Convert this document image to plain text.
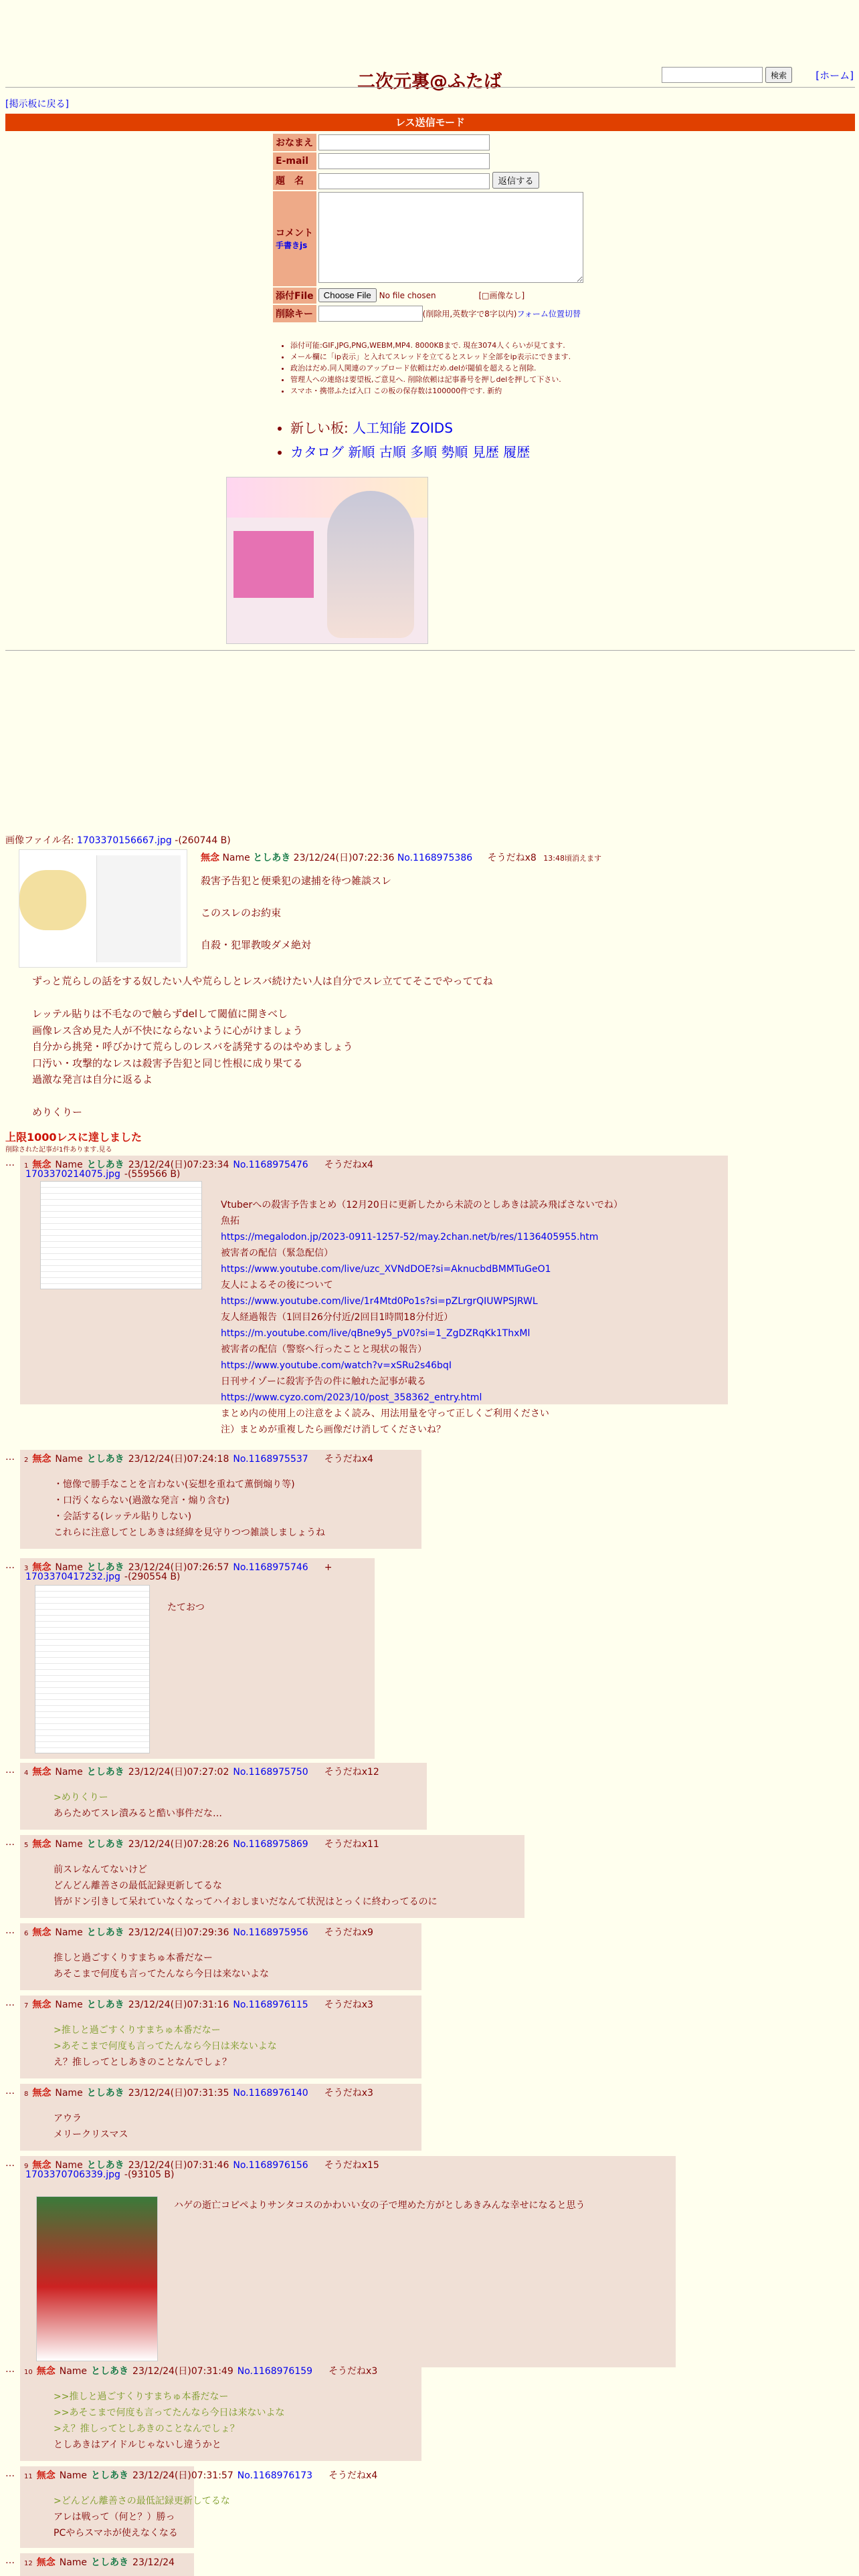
二次元裏@ふたば	検索	[ホーム]
[掲示板に戻る]
レス送信モード
おなまえ	
E-mail	
題　名	返信する
コメント
手書きjs	
添付File	Choose File No file chosen [□画像なし]
削除キー	(削除用,英数字で8字以内)フォーム位置切替
• 添付可能:GIF,JPG,PNG,WEBM,MP4. 8000KBまで. 現在3074人くらいが見てます.
• メール欄に「ip表示」と入れてスレッドを立てるとスレッド全部をip表示にできます.
• 政治はだめ.同人関連のアップロード依頼はだめ.delが閾値を超えると削除.
• 管理人への連絡は要望板,ご意見へ. 削除依頼は記事番号を押しdelを押して下さい.
• スマホ・携帯ふたば入口 この板の保存数は100000件です. 新約
• 新しい板: 人工知能 ZOIDS
• カタログ 新順 古順 多順 勢順 見歴 履歴
画像ファイル名: 1703370156667.jpg -(260744 B)
無念 Name としあき 23/12/24(日)07:22:36 No.1168975386 そうだねx8 13:48頃消えます
殺害予告犯と便乗犯の逮捕を待つ雑談スレ

このスレのお約束

自殺・犯罪教唆ダメ絶対
ずっと荒らしの話をする奴したい人や荒らしとレスバ続けたい人は自分でスレ立ててそこでやっててね

レッテル貼りは不毛なので触らずdelして閾値に開きべし
画像レス含め見た人が不快にならないように心がけましょう
自分から挑発・呼びかけて荒らしのレスバを誘発するのはやめましょう
口汚い・攻撃的なレスは殺害予告犯と同じ性根に成り果てる
過激な発言は自分に返るよ

めりくりー
上限1000レスに達しました
削除された記事が1件あります.見る
… 1 無念 Name としあき 23/12/24(日)07:23:34 No.1168975476 そうだねx4
1703370214075.jpg -(559566 B)
Vtuberへの殺害予告まとめ（12月20日に更新したから未読のとしあきは読み飛ばさないでね）
魚拓
https://megalodon.jp/2023-0911-1257-52/may.2chan.net/b/res/1136405955.htm
被害者の配信（緊急配信）
https://www.youtube.com/live/uzc_XVNdDOE?si=AknucbdBMMTuGeO1
友人によるその後について
https://www.youtube.com/live/1r4Mtd0Po1s?si=pZLrgrQIUWPSJRWL
友人経過報告（1回目26分付近/2回目1時間18分付近）
https://m.youtube.com/live/qBne9y5_pV0?si=1_ZgDZRqKk1ThxMl
被害者の配信（警察へ行ったことと現状の報告）
https://www.youtube.com/watch?v=xSRu2s46bqI
日刊サイゾーに殺害予告の件に触れた記事が載る
https://www.cyzo.com/2023/10/post_358362_entry.html
まとめ内の使用上の注意をよく読み、用法用量を守って正しくご利用ください
注）まとめが重複したら画像だけ消してくださいね？
… 2 無念 Name としあき 23/12/24(日)07:24:18 No.1168975537 そうだねx4
・憶像で勝手なことを言わない(妄想を重ねて薫倒煽り等)
・口汚くならない(過激な発言・煽り含む)
・会話する(レッテル貼りしない)
これらに注意してとしあきは経緯を見守りつつ雑談しましょうね
… 3 無念 Name としあき 23/12/24(日)07:26:57 No.1168975746 +
1703370417232.jpg -(290554 B)
たておつ
… 4 無念 Name としあき 23/12/24(日)07:27:02 No.1168975750 そうだねx12
>めりくりー
あらためてスレ潰みると酷い事件だな…
… 5 無念 Name としあき 23/12/24(日)07:28:26 No.1168975869 そうだねx11
前スレなんてないけど
どんどん離善さの最低記録更新してるな
皆がドン引きして呆れていなくなってハイおしまいだなんて状況はとっくに終わってるのに
… 6 無念 Name としあき 23/12/24(日)07:29:36 No.1168975956 そうだねx9
推しと過ごすくりすまちゅ本番だなー
あそこまで何度も言ってたんなら今日は来ないよな
… 7 無念 Name としあき 23/12/24(日)07:31:16 No.1168976115 そうだねx3
>推しと過ごすくりすまちゅ本番だなー
>あそこまで何度も言ってたんなら今日は来ないよな
え？推しってとしあきのことなんでしょ？
… 8 無念 Name としあき 23/12/24(日)07:31:35 No.1168976140 そうだねx3
アウラ
メリークリスマス
… 9 無念 Name としあき 23/12/24(日)07:31:46 No.1168976156 そうだねx15
1703370706339.jpg -(93105 B)
ハゲの逝亡コピペよりサンタコスのかわいい女の子で埋めた方がとしあきみんな幸せになると思う
… 10 無念 Name としあき 23/12/24(日)07:31:49 No.1168976159 そうだねx3
>>推しと過ごすくりすまちゅ本番だなー
>>あそこまで何度も言ってたんなら今日は来ないよな
>え？推しってとしあきのことなんでしょ？
としあきはアイドルじゃないし違うかと
… 11 無念 Name としあき 23/12/24(日)07:31:57 No.1168976173 そうだねx4
>どんどん離善さの最低記録更新してるな
アレは戦って（何と？）勝っ
PCやらスマホが使えなくなる
… 12 無念 Name としあき 23/12/24
